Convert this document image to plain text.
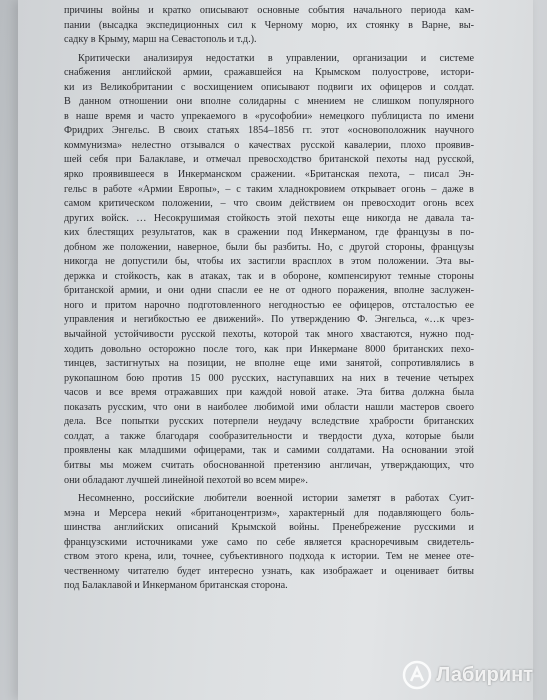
причины войны и кратко описывают основные события начального периода кам-
пании (высадка экспедиционных сил к Черному морю, их стоянку в Варне, вы-
садку в Крыму, марш на Севастополь и т.д.).
Критически анализируя недостатки в управлении, организации и системе
снабжения английской армии, сражавшейся на Крымском полуострове, истори-
ки из Великобритании с восхищением описывают подвиги их офицеров и солдат.
В данном отношении они вполне солидарны с мнением не слишком популярного
в наше время и часто упрекаемого в «русофобии» немецкого публициста по имени
Фридрих Энгельс. В своих статьях 1854–1856 гг. этот «основоположник научного
коммунизма» нелестно отзывался о качествах русской кавалерии, плохо проявив-
шей себя при Балаклаве, и отмечал превосходство британской пехоты над русской,
ярко проявившееся в Инкерманском сражении. «Британская пехота, – писал Эн-
гельс в работе «Армии Европы», – с таким хладнокровием открывает огонь – даже в
самом критическом положении, – что своим действием он превосходит огонь всех
других войск. … Несокрушимая стойкость этой пехоты еще никогда не давала та-
ких блестящих результатов, как в сражении под Инкерманом, где французы в по-
добном же положении, наверное, были бы разбиты. Но, с другой стороны, французы
никогда не допустили бы, чтобы их застигли врасплох в этом положении. Эта вы-
держка и стойкость, как в атаках, так и в обороне, компенсируют темные стороны
британской армии, и они одни спасли ее не от одного поражения, вполне заслужен-
ного и притом нарочно подготовленного негодностью ее офицеров, отсталостью ее
управления и негибкостью ее движений». По утверждению Ф. Энгельса, «…к чрез-
вычайной устойчивости русской пехоты, которой так много хвастаются, нужно под-
ходить довольно осторожно после того, как при Инкермане 8000 британских пехо-
тинцев, застигнутых на позиции, не вполне еще ими занятой, сопротивлялись в
рукопашном бою против 15 000 русских, наступавших на них в течение четырех
часов и все время отражавших при каждой новой атаке. Эта битва должна была
показать русским, что они в наиболее любимой ими области нашли мастеров своего
дела. Все попытки русских потерпели неудачу вследствие храбрости британских
солдат, а также благодаря сообразительности и твердости духа, которые были
проявлены как младшими офицерами, так и самими солдатами. На основании этой
битвы мы можем считать обоснованной претензию англичан, утверждающих, что
они обладают лучшей линейной пехотой во всем мире».
Несомненно, российские любители военной истории заметят в работах Суит-
мэна и Мерсера некий «британоцентризм», характерный для подавляющего боль-
шинства английских описаний Крымской войны. Пренебрежение русскими и
французскими источниками уже само по себе является красноречивым свидетель-
ством этого крена, или, точнее, субъективного подхода к истории. Тем не менее оте-
чественному читателю будет интересно узнать, как изображает и оценивает битвы
под Балаклавой и Инкерманом британская сторона.
Лабиринт
